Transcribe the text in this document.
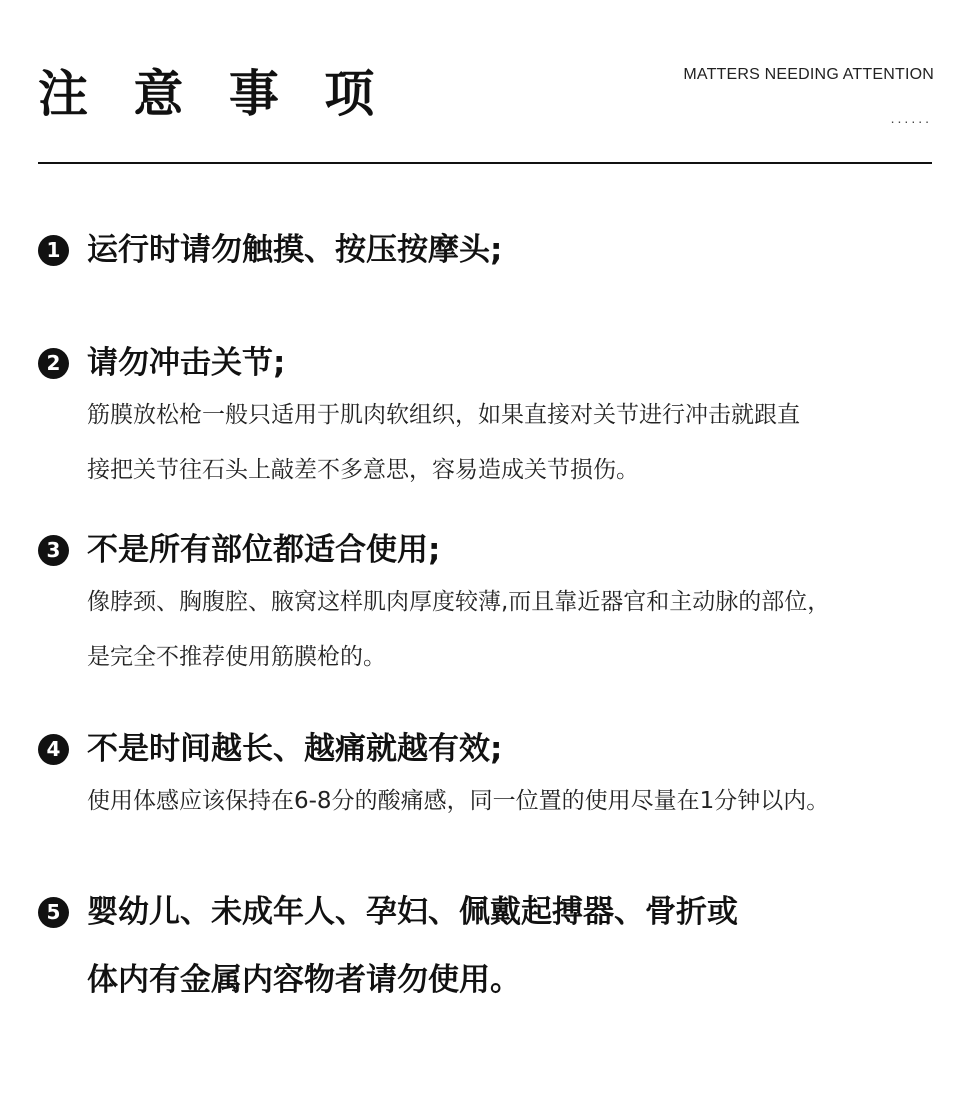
注 意 事 项	MATTERS NEEDING ATTENTION
......
1 运行时请勿触摸、按压按摩头;
2 请勿冲击关节;
筋膜放松枪一般只适用于肌肉软组织，如果直接对关节进行冲击就跟直
接把关节往石头上敲差不多意思，容易造成关节损伤。
3 不是所有部位都适合使用;
像脖颈、胸腹腔、腋窝这样肌肉厚度较薄,而且靠近器官和主动脉的部位，
是完全不推荐使用筋膜枪的。
4 不是时间越长、越痛就越有效;
使用体感应该保持在6-8分的酸痛感，同一位置的使用尽量在1分钟以内。
5 婴幼儿、未成年人、孕妇、佩戴起搏器、骨折或
体内有金属内容物者请勿使用。
